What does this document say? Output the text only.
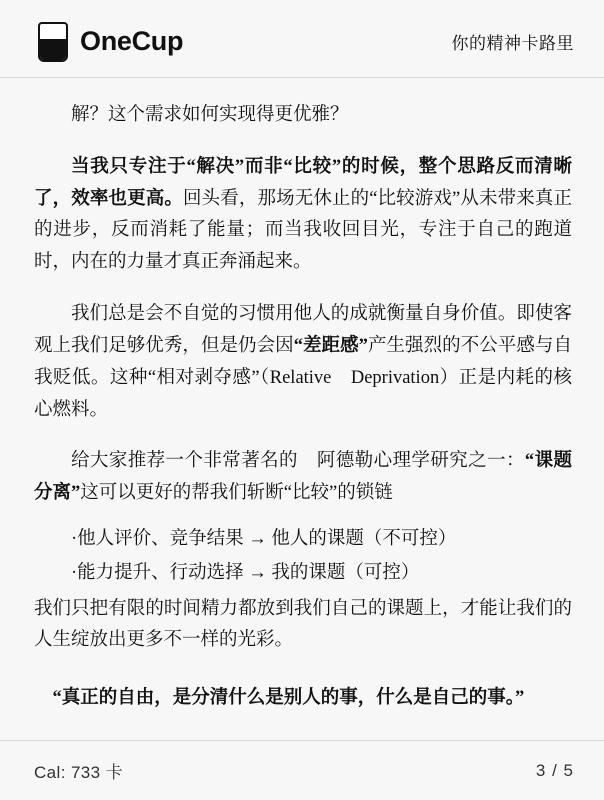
OneCup	你的精神卡路里

解？这个需求如何实现得更优雅？

当我只专注于“解决”而非“比较”的时候，整个思路反而清晰了，效率也更高。回头看，那场无休止的“比较游戏”从未带来真正的进步，反而消耗了能量；而当我收回目光，专注于自己的跑道时，内在的力量才真正奔涌起来。

我们总是会不自觉的习惯用他人的成就衡量自身价值。即使客观上我们足够优秀，但是仍会因“差距感”产生强烈的不公平感与自我贬低。这种“相对剥夺感”（Relative　Deprivation）正是内耗的核心燃料。

给大家推荐一个非常著名的　阿德勒心理学研究之一：“课题分离”这可以更好的帮我们斩断“比较”的锁链

·他人评价、竞争结果 → 他人的课题（不可控）
·能力提升、行动选择 → 我的课题（可控）

我们只把有限的时间精力都放到我们自己的课题上，才能让我们的人生绽放出更多不一样的光彩。

“真正的自由，是分清什么是别人的事，什么是自己的事。”

Cal: 733 卡	3 / 5
